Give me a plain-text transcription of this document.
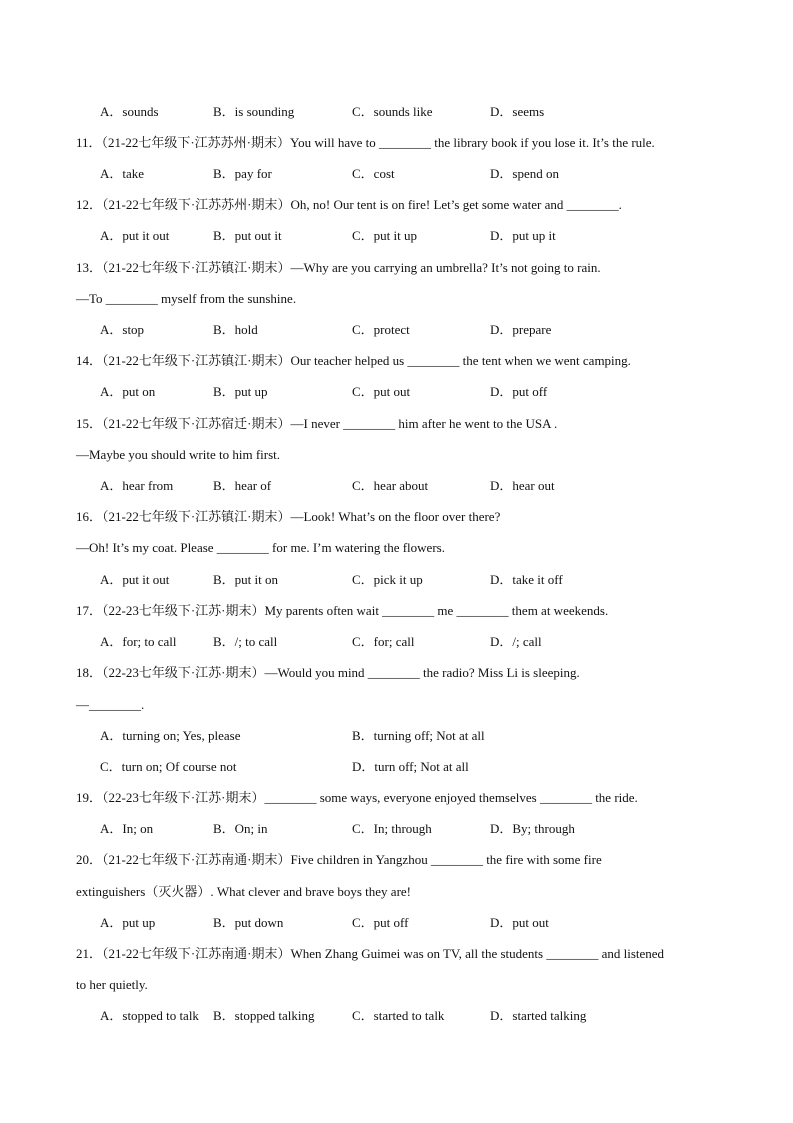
A．sounds	B．is sounding	C．sounds like	D．seems
11．（21-22七年级下·江苏苏州·期末）You will have to ________ the library book if you lose it. It’s the rule.
A．take	B．pay for	C．cost	D．spend on
12．（21-22七年级下·江苏苏州·期末）Oh, no! Our tent is on fire! Let’s get some water and ________.
A．put it out	B．put out it	C．put it up	D．put up it
13．（21-22七年级下·江苏镇江·期末）—Why are you carrying an umbrella? It’s not going to rain.
—To ________ myself from the sunshine.
A．stop	B．hold	C．protect	D．prepare
14．（21-22七年级下·江苏镇江·期末）Our teacher helped us ________ the tent when we went camping.
A．put on	B．put up	C．put out	D．put off
15．（21-22七年级下·江苏宿迁·期末）—I never ________ him after he went to the USA .
—Maybe you should write to him first.
A．hear from	B．hear of	C．hear about	D．hear out
16．（21-22七年级下·江苏镇江·期末）—Look! What’s on the floor over there?
—Oh! It’s my coat. Please ________ for me. I’m watering the flowers.
A．put it out	B．put it on	C．pick it up	D．take it off
17．（22-23七年级下·江苏·期末）My parents often wait ________ me ________ them at weekends.
A．for; to call	B．/; to call	C．for; call	D．/; call
18．（22-23七年级下·江苏·期末）—Would you mind ________ the radio? Miss Li is sleeping.
—________.
A．turning on; Yes, please	B．turning off; Not at all
C．turn on; Of course not	D．turn off; Not at all
19．（22-23七年级下·江苏·期末）________ some ways, everyone enjoyed themselves ________ the ride.
A．In; on	B．On; in	C．In; through	D．By; through
20．（21-22七年级下·江苏南通·期末）Five children in Yangzhou ________ the fire with some fire
extinguishers（灭火器）. What clever and brave boys they are!
A．put up	B．put down	C．put off	D．put out
21．（21-22七年级下·江苏南通·期末）When Zhang Guimei was on TV, all the students ________ and listened
to her quietly.
A．stopped to talk B．stopped talking	C．started to talk	D．started talking
